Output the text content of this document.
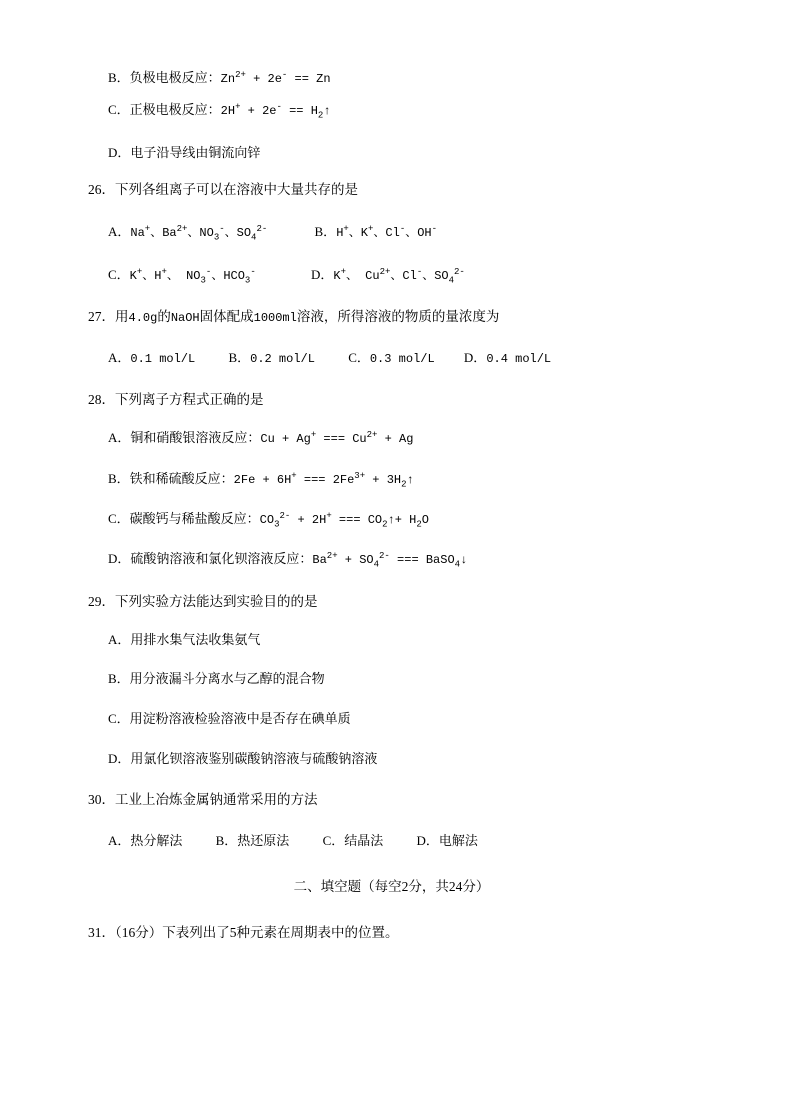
B．负极电极反应：$Zn^{2+} + 2e^- == Zn$

C．正极电极反应：$2H^+ + 2e^- == H_2↑$

D．电子沿导线由铜流向锌

26．下列各组离子可以在溶液中大量共存的是

A．Na+、$Ba^{2+}$、$NO_3^-$、$SO_4^{2-}$	B．H+、K+、Cl-、OH-

C．K+、H+、 $NO_3^-$、$HCO_3^-$	D．K+、 $Cu^{2+}$、Cl-、$SO_4^{2-}$

27．用4.0g的NaOH固体配成1000ml溶液，所得溶液的物质的量浓度为

A．0.1 mol/L	B．0.2 mol/L	C．0.3 mol/L D．0.4 mol/L

28．下列离子方程式正确的是

A．铜和硝酸银溶液反应：Cu + Ag+ === $Cu^{2+} + Ag$

B．铁和稀硫酸反应：2Fe + 6H+ === $2Fe^{3+}$ + $3H_2↑$

C．碳酸钙与稀盐酸反应：$CO_3^{2-} + 2H^+$ === $CO_2↑+ H_2O$

D．硫酸钠溶液和氯化钡溶液反应：$Ba^{2+} + SO_4^{2-}$ === BaSO$_4$↓

29．下列实验方法能达到实验目的的是

A．用排水集气法收集氨气

B．用分液漏斗分离水与乙醇的混合物

C．用淀粉溶液检验溶液中是否存在碘单质

D．用氯化钡溶液鉴别碳酸钠溶液与硫酸钠溶液

30．工业上冶炼金属钠通常采用的方法

A．热分解法	B．热还原法	C．结晶法	D．电解法

二、填空题（每空2分，共24分）

31．（16分）下表列出了5种元素在周期表中的位置。
